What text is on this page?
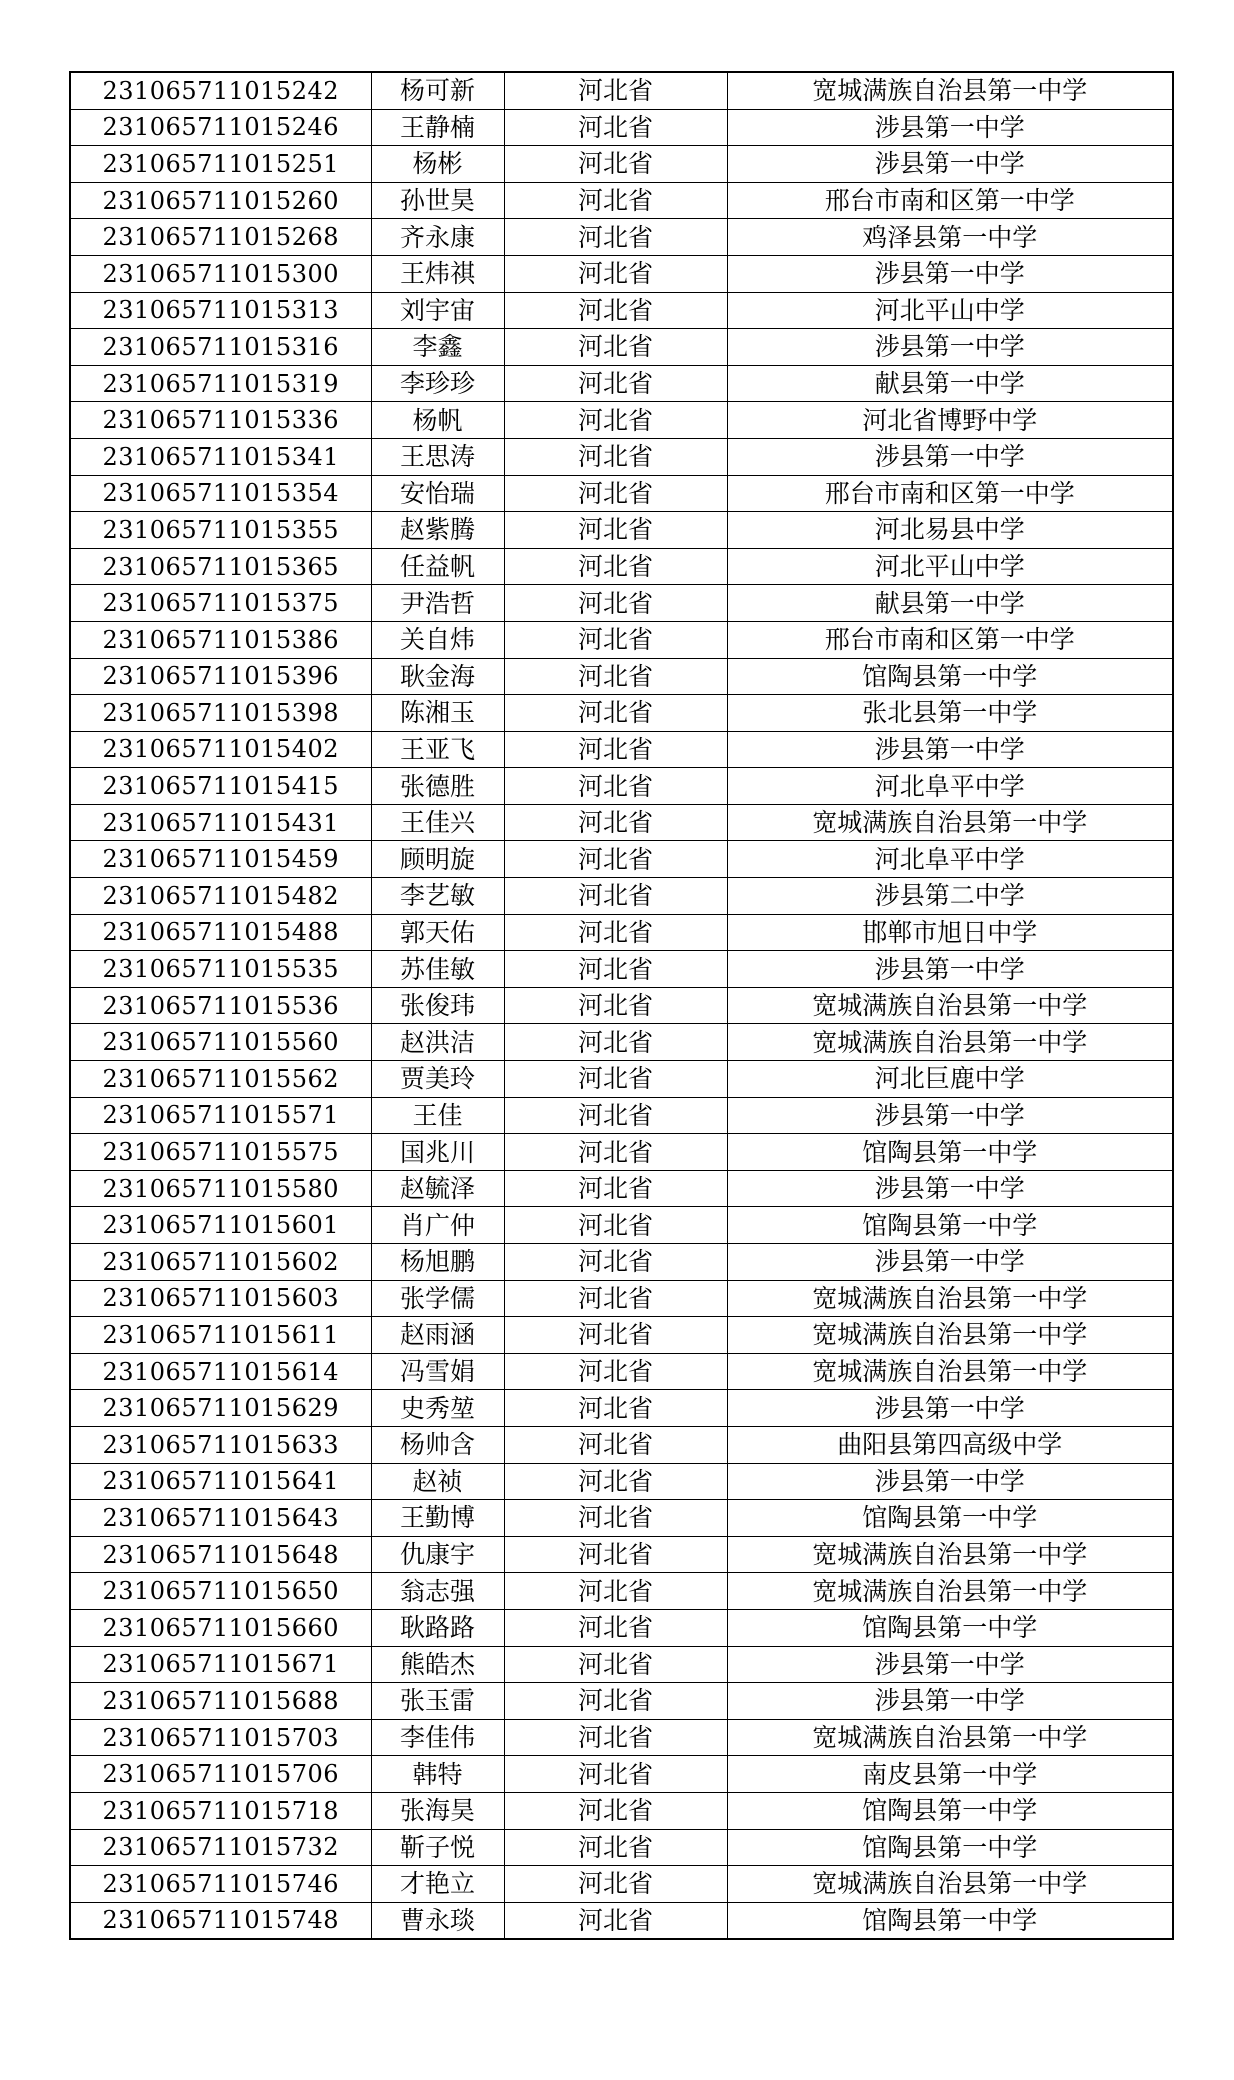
231065711015242	杨可新	河北省	宽城满族自治县第一中学
231065711015246	王静楠	河北省	涉县第一中学
231065711015251	杨彬	河北省	涉县第一中学
231065711015260	孙世昊	河北省	邢台市南和区第一中学
231065711015268	齐永康	河北省	鸡泽县第一中学
231065711015300	王炜祺	河北省	涉县第一中学
231065711015313	刘宇宙	河北省	河北平山中学
231065711015316	李鑫	河北省	涉县第一中学
231065711015319	李珍珍	河北省	献县第一中学
231065711015336	杨帆	河北省	河北省博野中学
231065711015341	王思涛	河北省	涉县第一中学
231065711015354	安怡瑞	河北省	邢台市南和区第一中学
231065711015355	赵紫腾	河北省	河北易县中学
231065711015365	任益帆	河北省	河北平山中学
231065711015375	尹浩哲	河北省	献县第一中学
231065711015386	关自炜	河北省	邢台市南和区第一中学
231065711015396	耿金海	河北省	馆陶县第一中学
231065711015398	陈湘玉	河北省	张北县第一中学
231065711015402	王亚飞	河北省	涉县第一中学
231065711015415	张德胜	河北省	河北阜平中学
231065711015431	王佳兴	河北省	宽城满族自治县第一中学
231065711015459	顾明旋	河北省	河北阜平中学
231065711015482	李艺敏	河北省	涉县第二中学
231065711015488	郭天佑	河北省	邯郸市旭日中学
231065711015535	苏佳敏	河北省	涉县第一中学
231065711015536	张俊玮	河北省	宽城满族自治县第一中学
231065711015560	赵洪洁	河北省	宽城满族自治县第一中学
231065711015562	贾美玲	河北省	河北巨鹿中学
231065711015571	王佳	河北省	涉县第一中学
231065711015575	国兆川	河北省	馆陶县第一中学
231065711015580	赵毓泽	河北省	涉县第一中学
231065711015601	肖广仲	河北省	馆陶县第一中学
231065711015602	杨旭鹏	河北省	涉县第一中学
231065711015603	张学儒	河北省	宽城满族自治县第一中学
231065711015611	赵雨涵	河北省	宽城满族自治县第一中学
231065711015614	冯雪娟	河北省	宽城满族自治县第一中学
231065711015629	史秀堃	河北省	涉县第一中学
231065711015633	杨帅含	河北省	曲阳县第四高级中学
231065711015641	赵祯	河北省	涉县第一中学
231065711015643	王勤博	河北省	馆陶县第一中学
231065711015648	仇康宇	河北省	宽城满族自治县第一中学
231065711015650	翁志强	河北省	宽城满族自治县第一中学
231065711015660	耿路路	河北省	馆陶县第一中学
231065711015671	熊皓杰	河北省	涉县第一中学
231065711015688	张玉雷	河北省	涉县第一中学
231065711015703	李佳伟	河北省	宽城满族自治县第一中学
231065711015706	韩特	河北省	南皮县第一中学
231065711015718	张海昊	河北省	馆陶县第一中学
231065711015732	靳子悦	河北省	馆陶县第一中学
231065711015746	才艳立	河北省	宽城满族自治县第一中学
231065711015748	曹永琰	河北省	馆陶县第一中学
